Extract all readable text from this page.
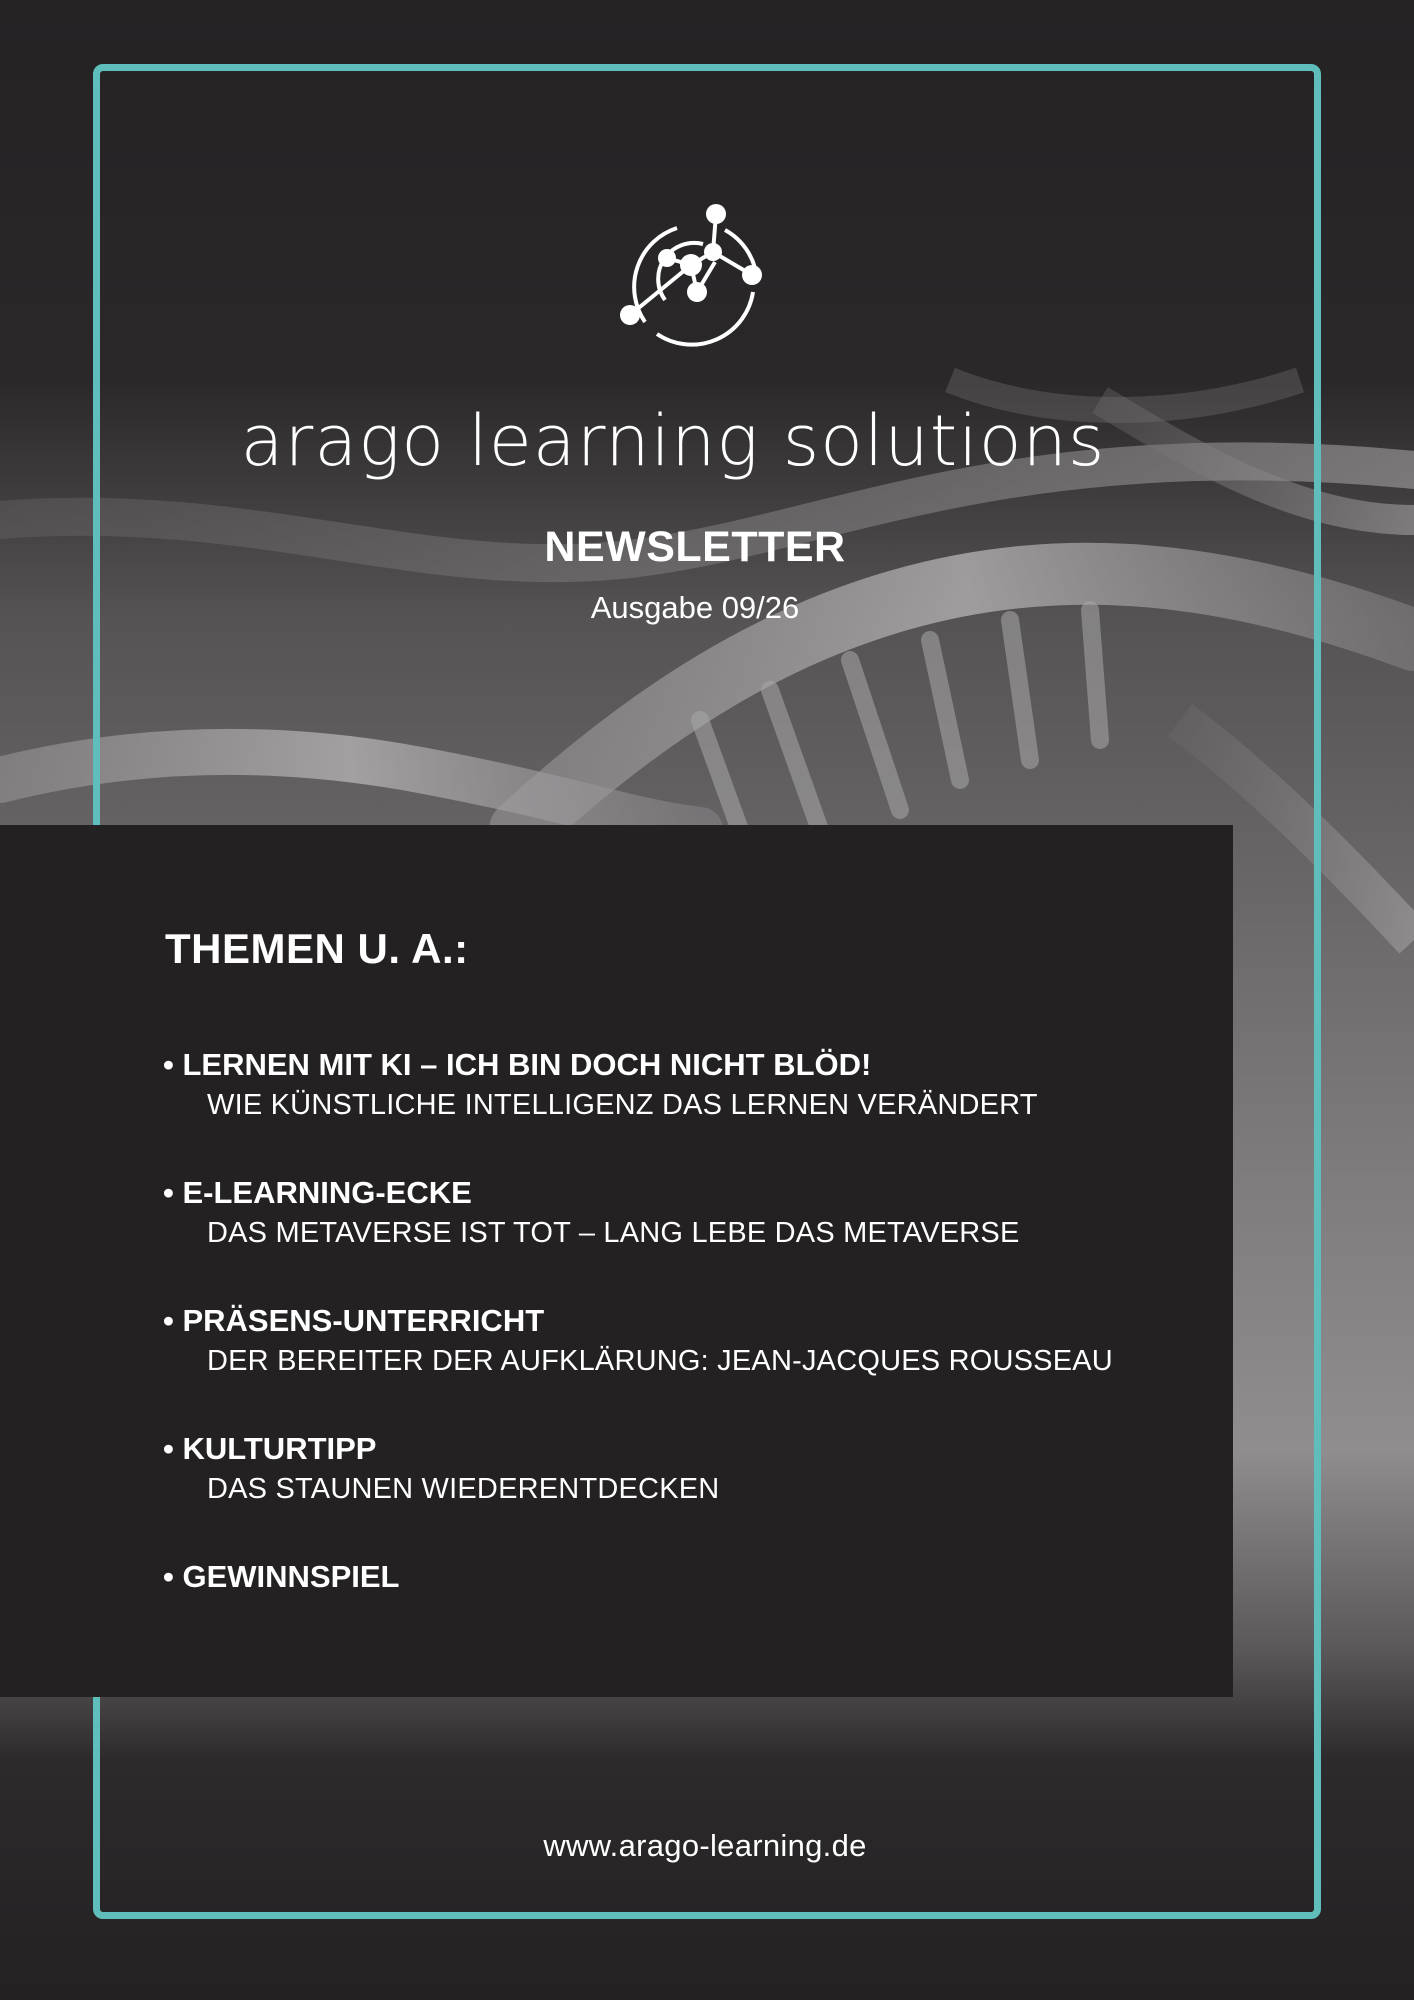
arago learning solutions
NEWSLETTER
Ausgabe 09/26
THEMEN U. A.:
• LERNEN MIT KI – ICH BIN DOCH NICHT BLÖD!
WIE KÜNSTLICHE INTELLIGENZ DAS LERNEN VERÄNDERT
• E-LEARNING-ECKE
DAS METAVERSE IST TOT – LANG LEBE DAS METAVERSE
• PRÄSENS-UNTERRICHT
DER BEREITER DER AUFKLÄRUNG: JEAN-JACQUES ROUSSEAU
• KULTURTIPP
DAS STAUNEN WIEDERENTDECKEN
• GEWINNSPIEL
www.arago-learning.de
